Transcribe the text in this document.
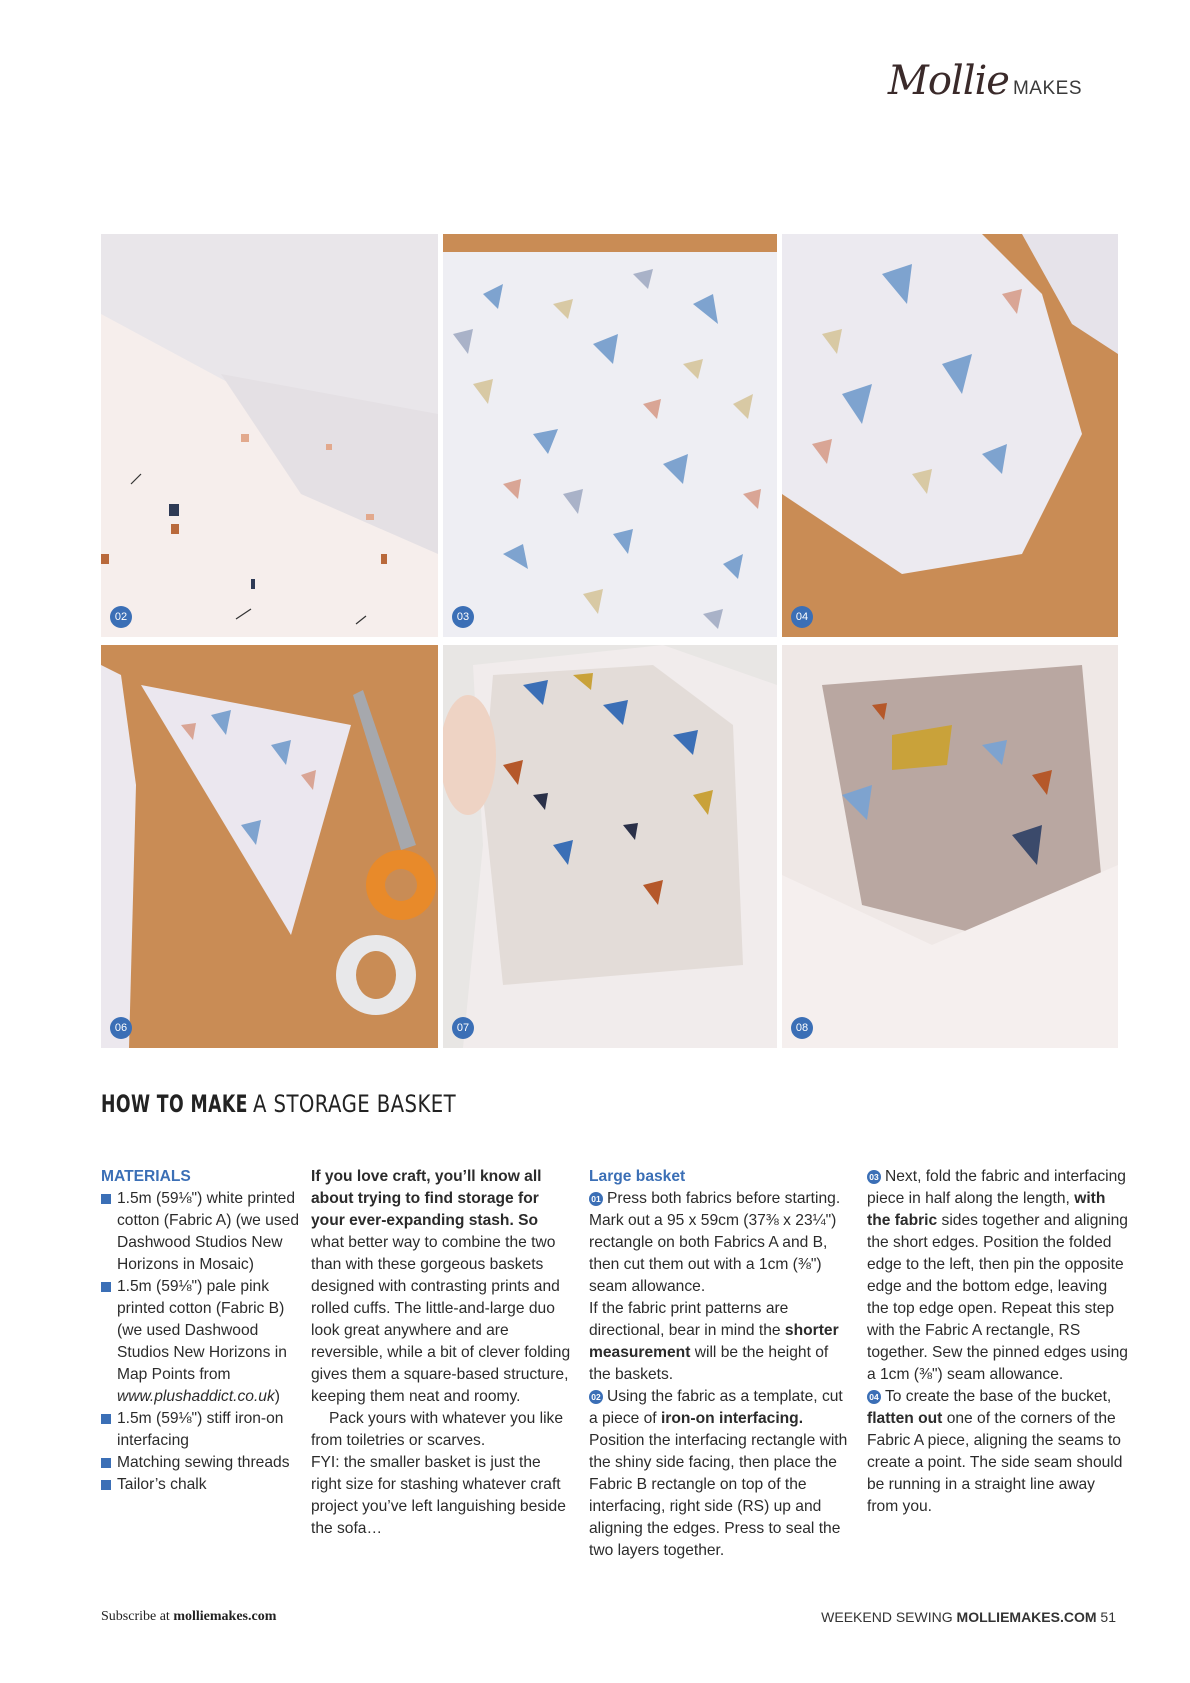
Mollie MAKES
02	03	04
06	07	08
HOW TO MAKE A STORAGE BASKET
MATERIALS
1.5m (59⅛") white printed cotton (Fabric A) (we used Dashwood Studios New Horizons in Mosaic)
1.5m (59⅛") pale pink printed cotton (Fabric B) (we used Dashwood Studios New Horizons in Map Points from www.plushaddict.co.uk)
1.5m (59⅛") stiff iron-on interfacing
Matching sewing threads
Tailor’s chalk

If you love craft, you’ll know all about trying to find storage for your ever-expanding stash. So what better way to combine the two than with these gorgeous baskets designed with contrasting prints and rolled cuffs. The little-and-large duo look great anywhere and are reversible, while a bit of clever folding gives them a square-based structure, keeping them neat and roomy.

Pack yours with whatever you like from toiletries or scarves.

FYI: the smaller basket is just the right size for stashing whatever craft project you’ve left languishing beside the sofa…

Large basket

01 Press both fabrics before starting. Mark out a 95 x 59cm (37⅜ x 23¼") rectangle on both Fabrics A and B, then cut them out with a 1cm (⅜") seam allowance.

If the fabric print patterns are directional, bear in mind the shorter measurement will be the height of the baskets.

02 Using the fabric as a template, cut a piece of iron-on interfacing. Position the interfacing rectangle with the shiny side facing, then place the Fabric B rectangle on top of the interfacing, right side (RS) up and aligning the edges. Press to seal the two layers together.

03 Next, fold the fabric and interfacing piece in half along the length, with the fabric sides together and aligning the short edges. Position the folded edge to the left, then pin the opposite edge and the bottom edge, leaving the top edge open. Repeat this step with the Fabric A rectangle, RS together. Sew the pinned edges using a 1cm (⅜") seam allowance.

04 To create the base of the bucket, flatten out one of the corners of the Fabric A piece, aligning the seams to create a point. The side seam should be running in a straight line away from you.

Subscribe at molliemakes.com	WEEKEND SEWING MOLLIEMAKES.COM 51
